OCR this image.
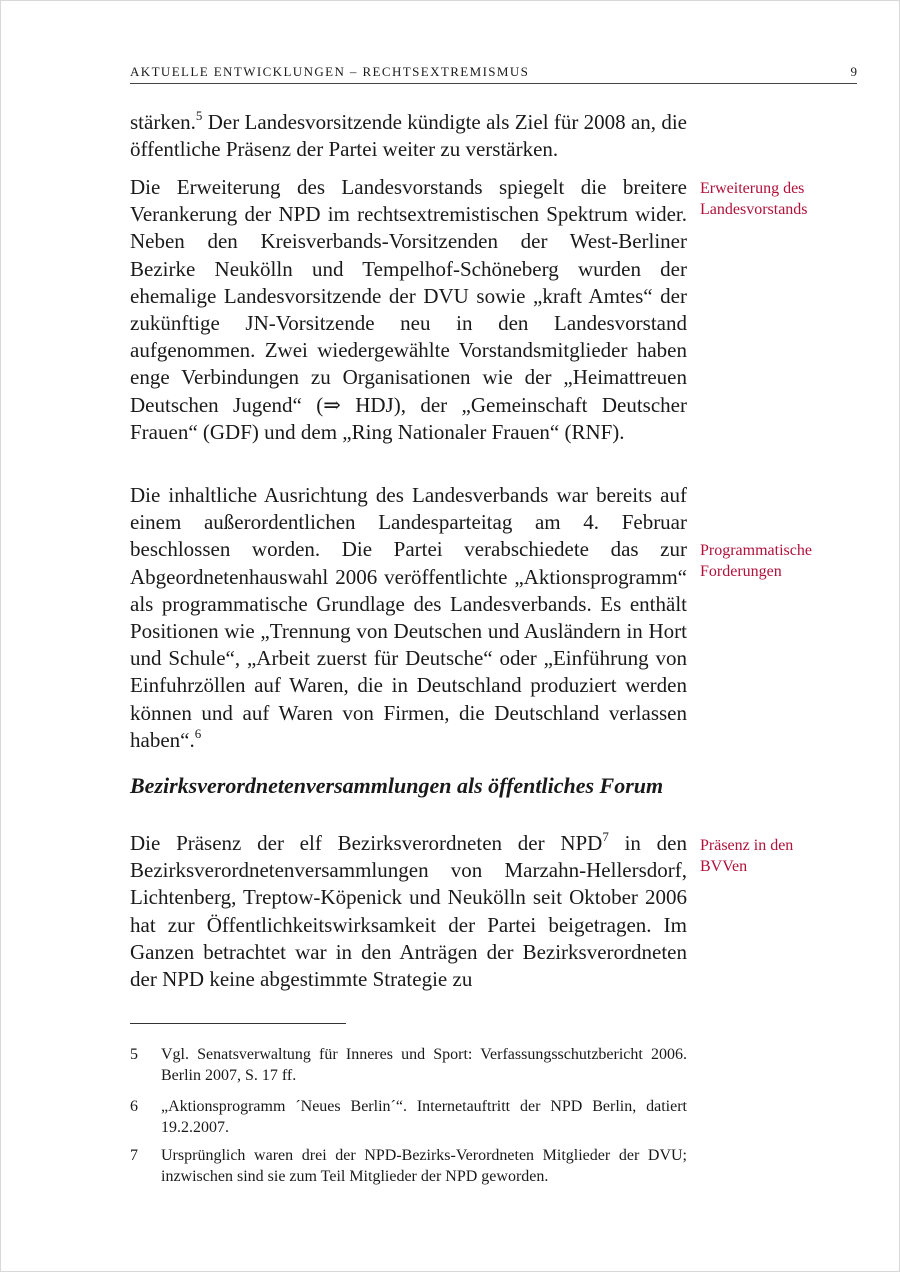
AKTUELLE ENTWICKLUNGEN – RECHTSEXTREMISMUS	9

stärken.$^5$ Der Landesvorsitzende kündigte als Ziel für 2008 an, die öffentliche Präsenz der Partei weiter zu verstärken.

Die Erweiterung des Landesvorstands spiegelt die breitere Verankerung der NPD im rechtsextremistischen Spektrum wider. Neben den Kreisverbands-Vorsitzenden der West-Berliner Bezirke Neukölln und Tempelhof-Schöneberg wurden der ehemalige Landesvorsitzende der DVU sowie „kraft Amtes“ der zukünftige JN-Vorsitzende neu in den Landesvorstand aufgenommen. Zwei wiedergewählte Vorstandsmitglieder haben enge Verbindungen zu Organisationen wie der „Heimattreuen Deutschen Jugend“ (⇒ HDJ), der „Gemeinschaft Deutscher Frauen“ (GDF) und dem „Ring Nationaler Frauen“ (RNF).

Die inhaltliche Ausrichtung des Landesverbands war bereits auf einem außerordentlichen Landesparteitag am 4. Februar beschlossen worden. Die Partei verabschiedete das zur Abgeordnetenhauswahl 2006 veröffentlichte „Aktionsprogramm“ als programmatische Grundlage des Landesverbands. Es enthält Positionen wie „Trennung von Deutschen und Ausländern in Hort und Schule“, „Arbeit zuerst für Deutsche“ oder „Einführung von Einfuhrzöllen auf Waren, die in Deutschland produziert werden können und auf Waren von Firmen, die Deutschland verlassen haben“.$^6$

Bezirksverordnetenversammlungen als öffentliches Forum

Die Präsenz der elf Bezirksverordneten der NPD$^7$ in den Bezirksverordnetenversammlungen von Marzahn-Hellersdorf, Lichtenberg, Treptow-Köpenick und Neukölln seit Oktober 2006 hat zur Öffentlichkeitswirksamkeit der Partei beigetragen. Im Ganzen betrachtet war in den Anträgen der Bezirksverordneten der NPD keine abgestimmte Strategie zu

Erweiterung des
Landesvorstands
Programmatische
Forderungen
Präsenz in den
BVVen
5	Vgl. Senatsverwaltung für Inneres und Sport: Verfassungsschutzbericht 2006. Berlin 2007, S. 17 ff.
6	„Aktionsprogramm ´Neues Berlin´“. Internetauftritt der NPD Berlin, datiert 19.2.2007.
7	Ursprünglich waren drei der NPD-Bezirks-Verordneten Mitglieder der DVU; inzwischen sind sie zum Teil Mitglieder der NPD geworden.
